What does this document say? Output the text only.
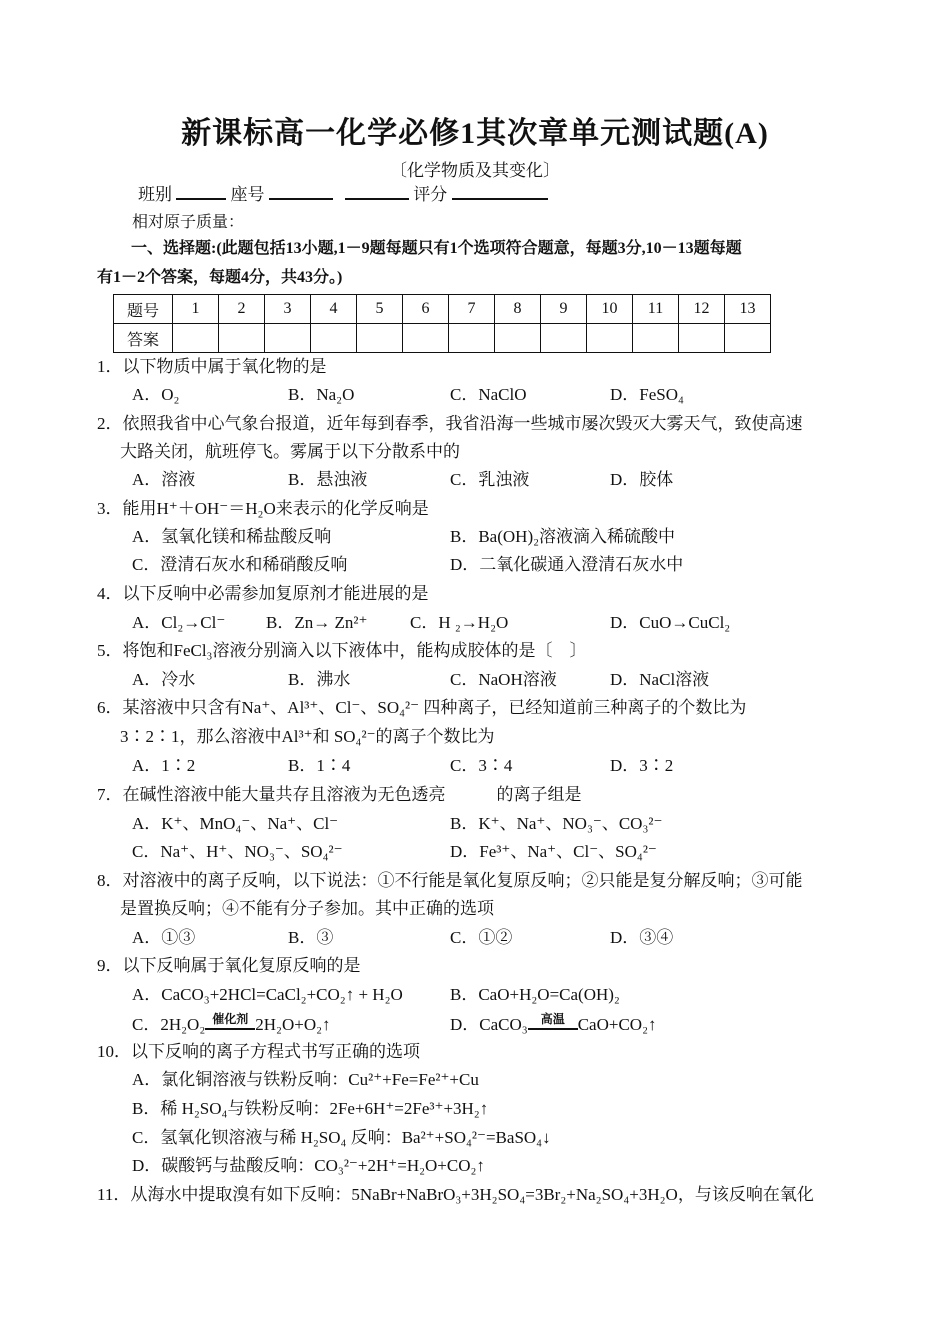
新课标高一化学必修1其次章单元测试题(A)
〔化学物质及其变化〕
班别	座号	评分
相对原子质量：
一、选择题:(此题包括13小题,1－9题每题只有1个选项符合题意，每题3分,10－13题每题
有1－2个答案，每题4分，共43分。)
题号	1	2	3	4	5	6	7	8	9	10	11	12	13
答案													
1．以下物质中属于氧化物的是
A．O₂	B．Na₂O	C．NaClO	D．FeSO₄
2．依照我省中心气象台报道，近年每到春季，我省沿海一些城市屡次毁灭大雾天气，致使高速
大路关闭，航班停飞。雾属于以下分散系中的
A．溶液	B．悬浊液	C．乳浊液	D．胶体
3．能用H⁺＋OH⁻＝H₂O来表示的化学反响是
A．氢氧化镁和稀盐酸反响	B．Ba(OH)₂溶液滴入稀硫酸中
C．澄清石灰水和稀硝酸反响	D．二氧化碳通入澄清石灰水中
4．以下反响中必需参加复原剂才能进展的是
A．Cl₂→Cl⁻ B．Zn→ Zn²⁺	C．H ₂→H₂O	D．CuO→CuCl₂
5．将饱和FeCl₃溶液分别滴入以下液体中，能构成胶体的是〔　〕
A．冷水	B．沸水	C．NaOH溶液	D．NaCl溶液
6．某溶液中只含有Na⁺、Al³⁺、Cl⁻、SO₄²⁻ 四种离子，已经知道前三种离子的个数比为
3∶2∶1，那么溶液中Al³⁺和 SO₄²⁻的离子个数比为
A．1∶2	B．1∶4	C．3∶4	D．3∶2
7．在碱性溶液中能大量共存且溶液为无色透亮　　　的离子组是
A．K⁺、MnO₄⁻、Na⁺、Cl⁻	B．K⁺、Na⁺、NO₃⁻、CO₃²⁻
C．Na⁺、H⁺、NO₃⁻、SO₄²⁻	D．Fe³⁺、Na⁺、Cl⁻、SO₄²⁻
8．对溶液中的离子反响，以下说法：①不行能是氧化复原反响；②只能是复分解反响；③可能
是置换反响；④不能有分子参加。其中正确的选项
A．①③	B．③	C．①②	D．③④
9．以下反响属于氧化复原反响的是
A．CaCO₃+2HCl=CaCl₂+CO₂↑ + H₂O	B．CaO+H₂O=Ca(OH)₂
C．2H₂O₂ 催化剂 2H₂O+O₂↑	D．CaCO₃	高温 CaO+CO₂↑
10．以下反响的离子方程式书写正确的选项
A．氯化铜溶液与铁粉反响：Cu²⁺+Fe=Fe²⁺+Cu
B．稀 H₂SO₄与铁粉反响：2Fe+6H⁺=2Fe³⁺+3H₂↑
C．氢氧化钡溶液与稀 H₂SO₄ 反响：Ba²⁺+SO₄²⁻=BaSO₄↓
D．碳酸钙与盐酸反响：CO₃²⁻+2H⁺=H₂O+CO₂↑
11．从海水中提取溴有如下反响：5NaBr+NaBrO₃+3H₂SO₄=3Br₂+Na₂SO₄+3H₂O，与该反响在氧化
